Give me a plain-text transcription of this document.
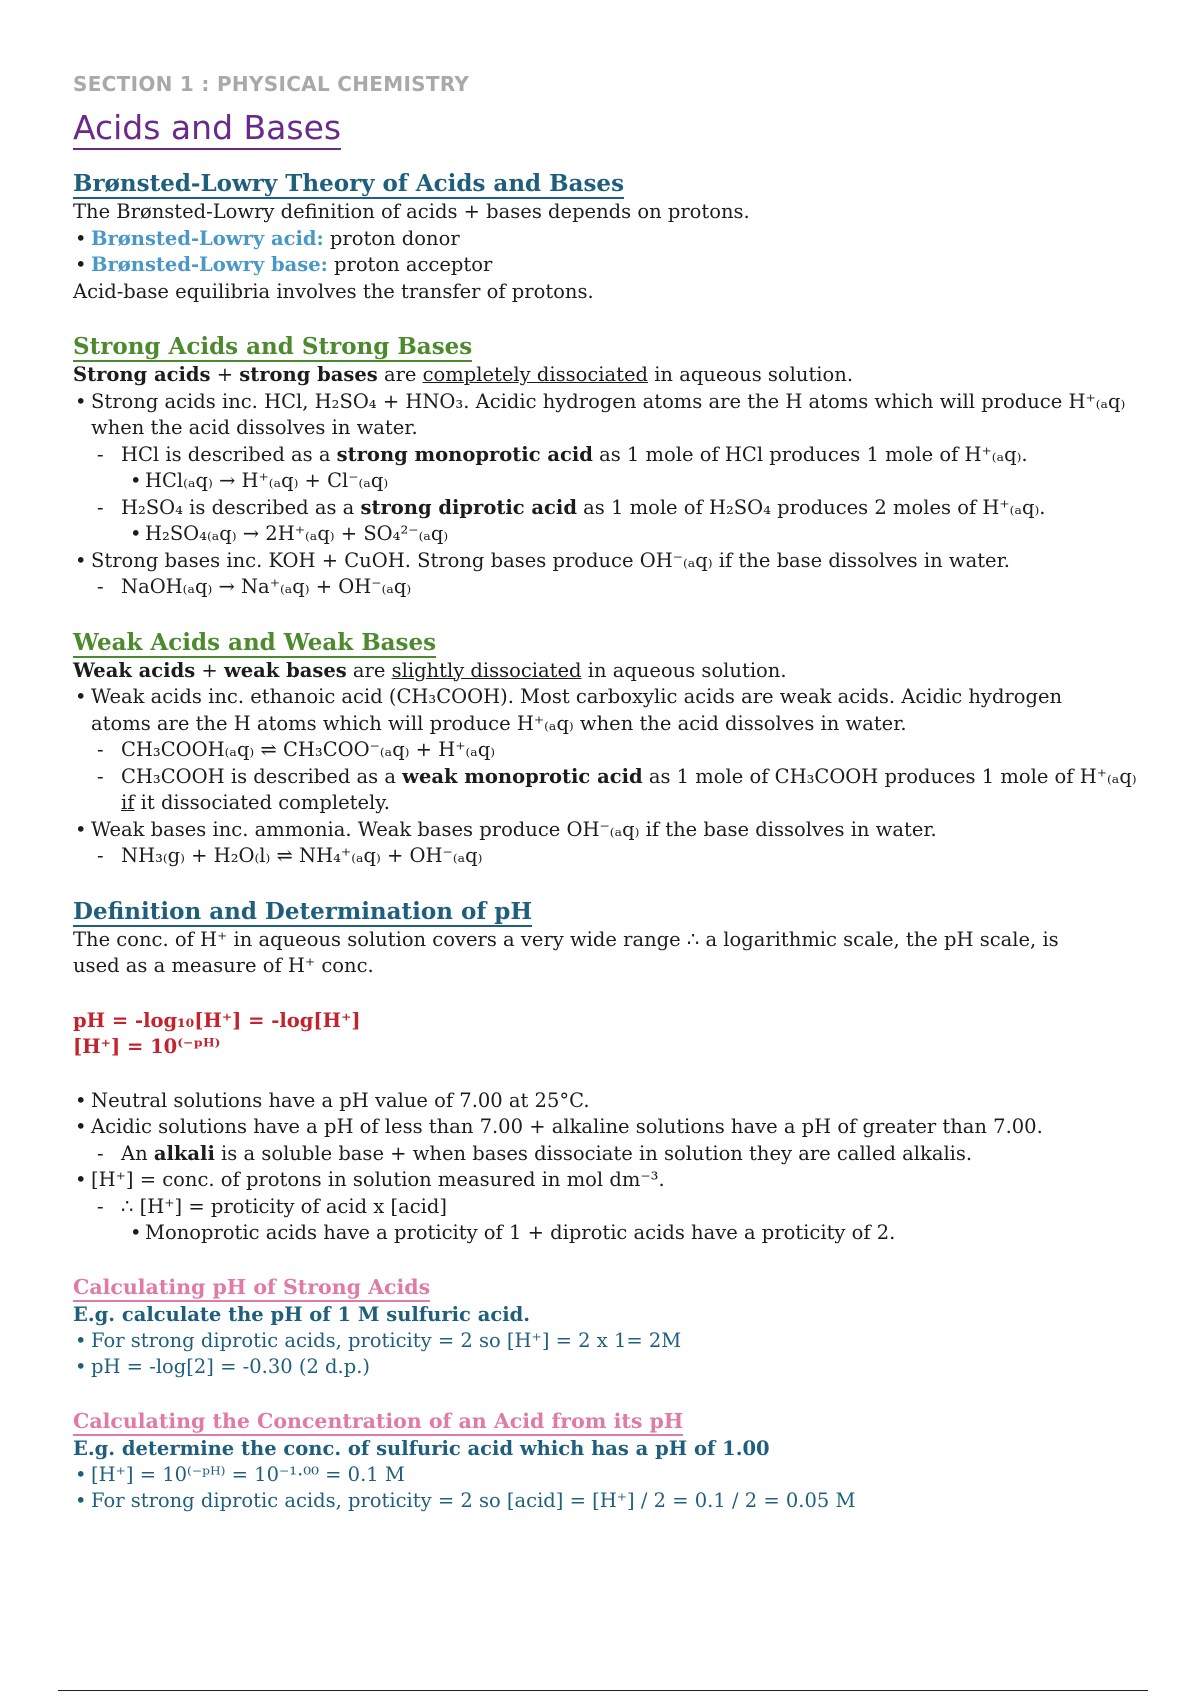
SECTION 1 : PHYSICAL CHEMISTRY
Acids and Bases
Brønsted-Lowry Theory of Acids and Bases
The Brønsted-Lowry definition of acids + bases depends on protons.
• Brønsted-Lowry acid: proton donor
• Brønsted-Lowry base: proton acceptor
Acid-base equilibria involves the transfer of protons.
Strong Acids and Strong Bases
Strong acids + strong bases are completely dissociated in aqueous solution.
• Strong acids inc. HCl, H₂SO₄ + HNO₃. Acidic hydrogen atoms are the H atoms which will produce H⁺₍ₐq₎
when the acid dissolves in water.
- HCl is described as a strong monoprotic acid as 1 mole of HCl produces 1 mole of H⁺₍ₐq₎.
• HCl₍ₐq₎ → H⁺₍ₐq₎ + Cl⁻₍ₐq₎
- H₂SO₄ is described as a strong diprotic acid as 1 mole of H₂SO₄ produces 2 moles of H⁺₍ₐq₎.
• H₂SO₄₍ₐq₎ → 2H⁺₍ₐq₎ + SO₄²⁻₍ₐq₎
• Strong bases inc. KOH + CuOH. Strong bases produce OH⁻₍ₐq₎ if the base dissolves in water.
- NaOH₍ₐq₎ → Na⁺₍ₐq₎ + OH⁻₍ₐq₎
Weak Acids and Weak Bases
Weak acids + weak bases are slightly dissociated in aqueous solution.
• Weak acids inc. ethanoic acid (CH₃COOH). Most carboxylic acids are weak acids. Acidic hydrogen
atoms are the H atoms which will produce H⁺₍ₐq₎ when the acid dissolves in water.
- CH₃COOH₍ₐq₎ ⇌ CH₃COO⁻₍ₐq₎ + H⁺₍ₐq₎
- CH₃COOH is described as a weak monoprotic acid as 1 mole of CH₃COOH produces 1 mole of H⁺₍ₐq₎
if it dissociated completely.
• Weak bases inc. ammonia. Weak bases produce OH⁻₍ₐq₎ if the base dissolves in water.
- NH₃₍g₎ + H₂O₍l₎ ⇌ NH₄⁺₍ₐq₎ + OH⁻₍ₐq₎
Definition and Determination of pH
The conc. of H⁺ in aqueous solution covers a very wide range ∴ a logarithmic scale, the pH scale, is
used as a measure of H⁺ conc.
pH = -log₁₀[H⁺] = -log[H⁺]
[H⁺] = 10⁽⁻ᵖᴴ⁾
• Neutral solutions have a pH value of 7.00 at 25°C.
• Acidic solutions have a pH of less than 7.00 + alkaline solutions have a pH of greater than 7.00.
- An alkali is a soluble base + when bases dissociate in solution they are called alkalis.
• [H⁺] = conc. of protons in solution measured in mol dm⁻³.
- ∴ [H⁺] = proticity of acid x [acid]
• Monoprotic acids have a proticity of 1 + diprotic acids have a proticity of 2.
Calculating pH of Strong Acids
E.g. calculate the pH of 1 M sulfuric acid.
• For strong diprotic acids, proticity = 2 so [H⁺] = 2 x 1= 2M
• pH = -log[2] = -0.30 (2 d.p.)
Calculating the Concentration of an Acid from its pH
E.g. determine the conc. of sulfuric acid which has a pH of 1.00
• [H⁺] = 10⁽⁻ᵖᴴ⁾ = 10⁻¹·⁰⁰ = 0.1 M
• For strong diprotic acids, proticity = 2 so [acid] = [H⁺] / 2 = 0.1 / 2 = 0.05 M
